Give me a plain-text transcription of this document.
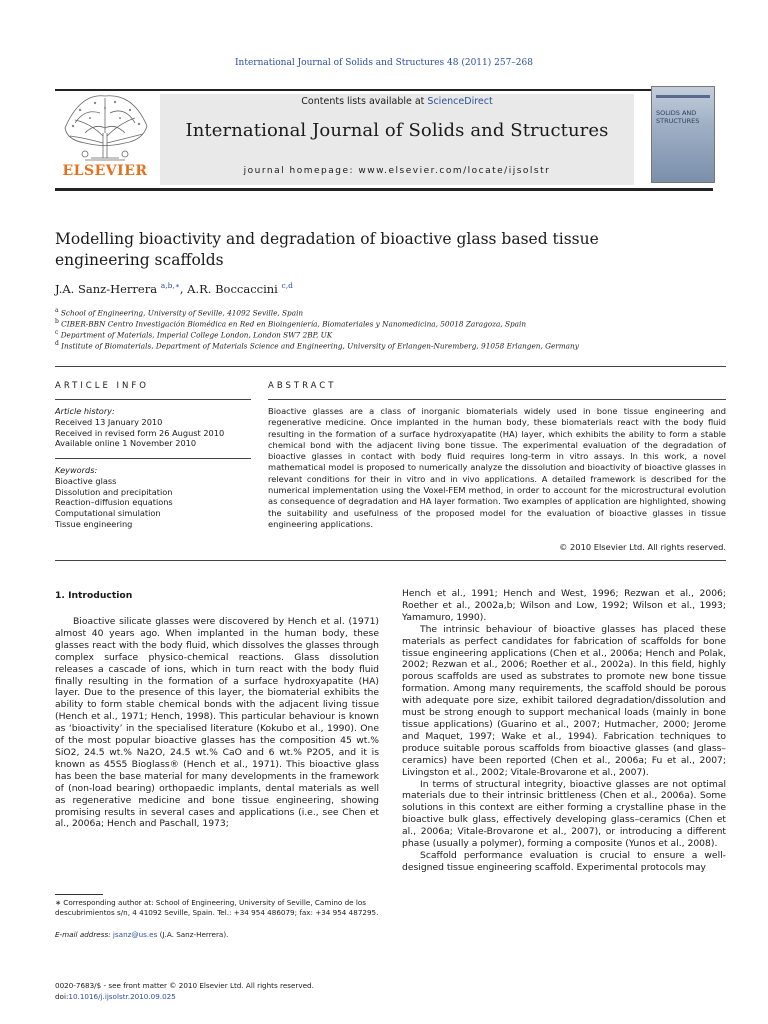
International Journal of Solids and Structures 48 (2011) 257–268
ELSEVIER
Contents lists available at ScienceDirect
International Journal of Solids and Structures
journal homepage: www.elsevier.com/locate/ijsolstr
SOLIDS AND STRUCTURES
Modelling bioactivity and degradation of bioactive glass based tissue engineering scaffolds
J.A. Sanz-Herrera $^{a,b,∗}$, A.R. Boccaccini $^{c,d}$
$^a$ School of Engineering, University of Seville, 41092 Seville, Spain
$^b$ CIBER-BBN Centro Investigación Biomédica en Red en Bioingeniería, Biomateriales y Nanomedicina, 50018 Zaragoza, Spain
$^c$ Department of Materials, Imperial College London, London SW7 2BP, UK
$^d$ Institute of Biomaterials, Department of Materials Science and Engineering, University of Erlangen-Nuremberg, 91058 Erlangen, Germany
ARTICLE INFO
Article history:
Received 13 January 2010
Received in revised form 26 August 2010
Available online 1 November 2010
Keywords:
Bioactive glass
Dissolution and precipitation
Reaction–diffusion equations
Computational simulation
Tissue engineering
ABSTRACT
Bioactive glasses are a class of inorganic biomaterials widely used in bone tissue engineering and regenerative medicine. Once implanted in the human body, these biomaterials react with the body fluid resulting in the formation of a surface hydroxyapatite (HA) layer, which exhibits the ability to form a stable chemical bond with the adjacent living bone tissue. The experimental evaluation of the degradation of bioactive glasses in contact with body fluid requires long-term in vitro assays. In this work, a novel mathematical model is proposed to numerically analyze the dissolution and bioactivity of bioactive glasses in relevant conditions for their in vitro and in vivo applications. A detailed framework is described for the numerical implementation using the Voxel-FEM method, in order to account for the microstructural evolution as consequence of degradation and HA layer formation. Two examples of application are highlighted, showing the suitability and usefulness of the proposed model for the evaluation of bioactive glasses in tissue engineering applications.
© 2010 Elsevier Ltd. All rights reserved.
1. Introduction

Bioactive silicate glasses were discovered by Hench et al. (1971) almost 40 years ago. When implanted in the human body, these glasses react with the body fluid, which dissolves the glasses through complex surface physico-chemical reactions. Glass dissolution releases a cascade of ions, which in turn react with the body fluid finally resulting in the formation of a surface hydroxyapatite (HA) layer. Due to the presence of this layer, the biomaterial exhibits the ability to form stable chemical bonds with the adjacent living tissue (Hench et al., 1971; Hench, 1998). This particular behaviour is known as ‘bioactivity’ in the specialised literature (Kokubo et al., 1990). One of the most popular bioactive glasses has the composition 45 wt.% SiO2, 24.5 wt.% Na2O, 24.5 wt.% CaO and 6 wt.% P2O5, and it is known as 45S5 Bioglass® (Hench et al., 1971). This bioactive glass has been the base material for many developments in the framework of (non-load bearing) orthopaedic implants, dental materials as well as regenerative medicine and bone tissue engineering, showing promising results in several cases and applications (i.e., see Chen et al., 2006a; Hench and Paschall, 1973;

Hench et al., 1991; Hench and West, 1996; Rezwan et al., 2006; Roether et al., 2002a,b; Wilson and Low, 1992; Wilson et al., 1993; Yamamuro, 1990).

The intrinsic behaviour of bioactive glasses has placed these materials as perfect candidates for fabrication of scaffolds for bone tissue engineering applications (Chen et al., 2006a; Hench and Polak, 2002; Rezwan et al., 2006; Roether et al., 2002a). In this field, highly porous scaffolds are used as substrates to promote new bone tissue formation. Among many requirements, the scaffold should be porous with adequate pore size, exhibit tailored degradation/dissolution and must be strong enough to support mechanical loads (mainly in bone tissue applications) (Guarino et al., 2007; Hutmacher, 2000; Jerome and Maquet, 1997; Wake et al., 1994). Fabrication techniques to produce suitable porous scaffolds from bioactive glasses (and glass–ceramics) have been reported (Chen et al., 2006a; Fu et al., 2007; Livingston et al., 2002; Vitale-Brovarone et al., 2007).

In terms of structural integrity, bioactive glasses are not optimal materials due to their intrinsic brittleness (Chen et al., 2006a). Some solutions in this context are either forming a crystalline phase in the bioactive bulk glass, effectively developing glass–ceramics (Chen et al., 2006a; Vitale-Brovarone et al., 2007), or introducing a different phase (usually a polymer), forming a composite (Yunos et al., 2008).

Scaffold performance evaluation is crucial to ensure a well-designed tissue engineering scaffold. Experimental protocols may

∗ Corresponding author at: School of Engineering, University of Seville, Camino de los descubrimientos s/n, 4 41092 Seville, Spain. Tel.: +34 954 486079; fax: +34 954 487295.
E-mail address: jsanz@us.es (J.A. Sanz-Herrera).
0020-7683/$ - see front matter © 2010 Elsevier Ltd. All rights reserved.
doi:10.1016/j.ijsolstr.2010.09.025
